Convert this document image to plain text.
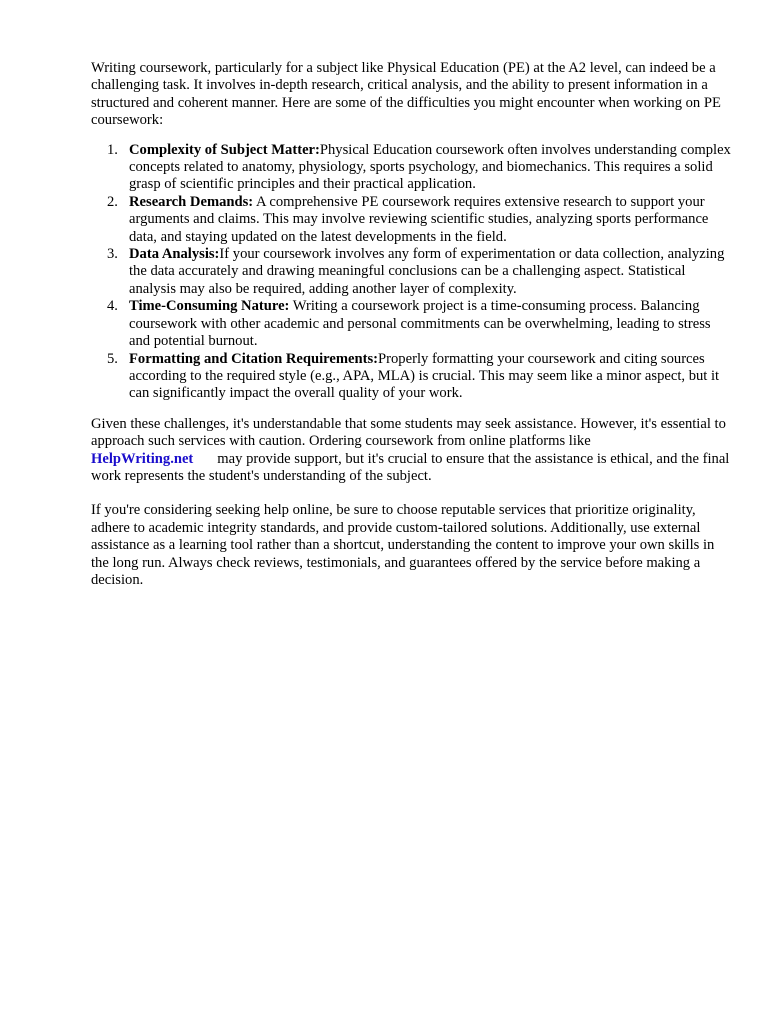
Writing coursework, particularly for a subject like Physical Education (PE) at the A2 level, can indeed be a challenging task. It involves in-depth research, critical analysis, and the ability to present information in a structured and coherent manner. Here are some of the difficulties you might encounter when working on PE coursework:

1. Complexity of Subject Matter:Physical Education coursework often involves understanding complex concepts related to anatomy, physiology, sports psychology, and biomechanics. This requires a solid grasp of scientific principles and their practical application.
2. Research Demands: A comprehensive PE coursework requires extensive research to support your arguments and claims. This may involve reviewing scientific studies, analyzing sports performance data, and staying updated on the latest developments in the field.
3. Data Analysis:If your coursework involves any form of experimentation or data collection, analyzing the data accurately and drawing meaningful conclusions can be a challenging aspect. Statistical analysis may also be required, adding another layer of complexity.
4. Time-Consuming Nature: Writing a coursework project is a time-consuming process. Balancing coursework with other academic and personal commitments can be overwhelming, leading to stress and potential burnout.
5. Formatting and Citation Requirements:Properly formatting your coursework and citing sources according to the required style (e.g., APA, MLA) is crucial. This may seem like a minor aspect, but it can significantly impact the overall quality of your work.

Given these challenges, it's understandable that some students may seek assistance. However, it's essential to approach such services with caution. Ordering coursework from online platforms like HelpWriting.net may provide support, but it's crucial to ensure that the assistance is ethical, and the final work represents the student's understanding of the subject.

If you're considering seeking help online, be sure to choose reputable services that prioritize originality, adhere to academic integrity standards, and provide custom-tailored solutions. Additionally, use external assistance as a learning tool rather than a shortcut, understanding the content to improve your own skills in the long run. Always check reviews, testimonials, and guarantees offered by the service before making a decision.
